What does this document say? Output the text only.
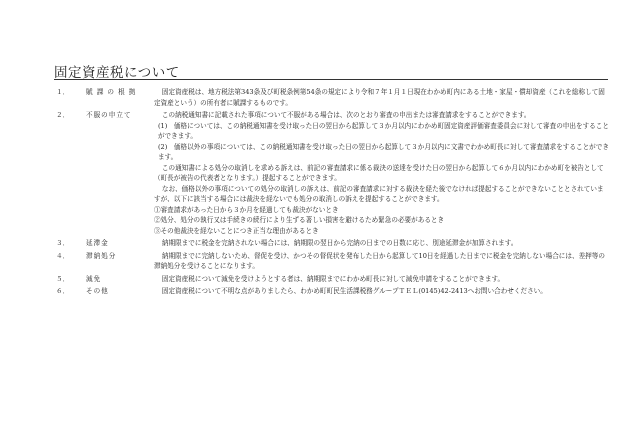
固定資産税について
１．	賦 課 の 根 拠	固定資産税は、地方税法第343条及び町税条例第54条の規定により令和７年１月１日現在わかめ町内にある土地・家屋・償却資産（これを総称して固定資産という）の所有者に賦課するものです。

２．	不服の申立て	この納税通知書に記載された事項について不服がある場合は、次のとおり審査の申出または審査請求をすることができます。

(1)　価格については、この納税通知書を受け取った日の翌日から起算して３か月以内にわかめ町固定資産評価審査委員会に対して審査の申出をすることができます。

(2)　価格以外の事項については、この納税通知書を受け取った日の翌日から起算して３か月以内に文書でわかめ町長に対して審査請求をすることができます。

この通知書による処分の取消しを求める訴えは、前記の審査請求に係る裁決の送達を受けた日の翌日から起算して６か月以内にわかめ町を被告として（町長が被告の代表者となります。）提起することができます。

なお、価格以外の事項についての処分の取消しの訴えは、前記の審査請求に対する裁決を経た後でなければ提起することができないこととされていますが、以下に該当する場合には裁決を経ないでも処分の取消しの訴えを提起することができます。

①審査請求があった日から３か月を経過しても裁決がないとき

②処分、処分の執行又は手続きの続行により生ずる著しい損害を避けるため緊急の必要があるとき

③その他裁決を経ないことにつき正当な理由があるとき

３．	延滞金	納期限までに税金を完納されない場合には、納期限の翌日から完納の日までの日数に応じ、別途延滞金が加算されます。

４．	滞納処分	納期限までに完納しないため、督促を受け、かつその督促状を発布した日から起算して10日を経過した日までに税金を完納しない場合には、差押等の滞納処分を受けることになります。

５．	減免	固定資産税について減免を受けようとする者は、納期限までにわかめ町長に対して減免申請をすることができます。

６．	その他	固定資産税について不明な点がありましたら、わかめ町町民生活課税務グループＴＥＬ(0145)42-2413へお問い合わせください。
